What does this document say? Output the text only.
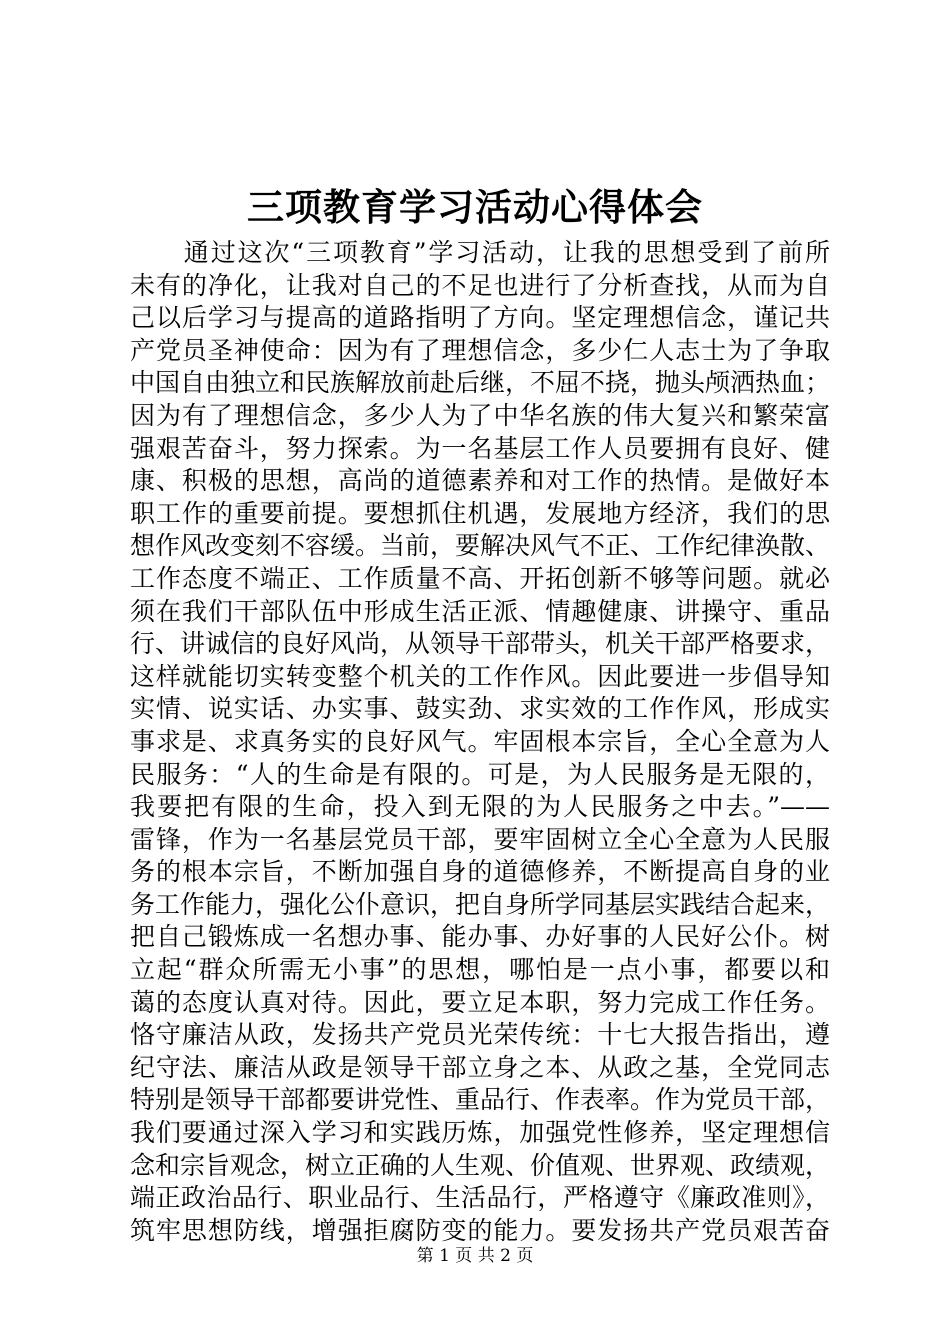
三项教育学习活动心得体会
　　通过这次“三项教育”学习活动，让我的思想受到了前所
未有的净化，让我对自己的不足也进行了分析查找，从而为自
己以后学习与提高的道路指明了方向。坚定理想信念，谨记共
产党员圣神使命：因为有了理想信念，多少仁人志士为了争取
中国自由独立和民族解放前赴后继，不屈不挠，抛头颅洒热血；
因为有了理想信念，多少人为了中华名族的伟大复兴和繁荣富
强艰苦奋斗，努力探索。为一名基层工作人员要拥有良好、健
康、积极的思想，高尚的道德素养和对工作的热情。是做好本
职工作的重要前提。要想抓住机遇，发展地方经济，我们的思
想作风改变刻不容缓。当前，要解决风气不正、工作纪律涣散、
工作态度不端正、工作质量不高、开拓创新不够等问题。就必
须在我们干部队伍中形成生活正派、情趣健康、讲操守、重品
行、讲诚信的良好风尚，从领导干部带头，机关干部严格要求，
这样就能切实转变整个机关的工作作风。因此要进一步倡导知
实情、说实话、办实事、鼓实劲、求实效的工作作风，形成实
事求是、求真务实的良好风气。牢固根本宗旨，全心全意为人
民服务：“人的生命是有限的。可是，为人民服务是无限的，
我要把有限的生命，投入到无限的为人民服务之中去。”——
雷锋，作为一名基层党员干部，要牢固树立全心全意为人民服
务的根本宗旨，不断加强自身的道德修养，不断提高自身的业
务工作能力，强化公仆意识，把自身所学同基层实践结合起来，
把自己锻炼成一名想办事、能办事、办好事的人民好公仆。树
立起“群众所需无小事”的思想，哪怕是一点小事，都要以和
蔼的态度认真对待。因此，要立足本职，努力完成工作任务。
恪守廉洁从政，发扬共产党员光荣传统：十七大报告指出，遵
纪守法、廉洁从政是领导干部立身之本、从政之基，全党同志
特别是领导干部都要讲党性、重品行、作表率。作为党员干部，
我们要通过深入学习和实践历炼，加强党性修养，坚定理想信
念和宗旨观念，树立正确的人生观、价值观、世界观、政绩观，
端正政治品行、职业品行、生活品行，严格遵守《廉政准则》，
筑牢思想防线，增强拒腐防变的能力。要发扬共产党员艰苦奋
第 1 页 共 2 页
